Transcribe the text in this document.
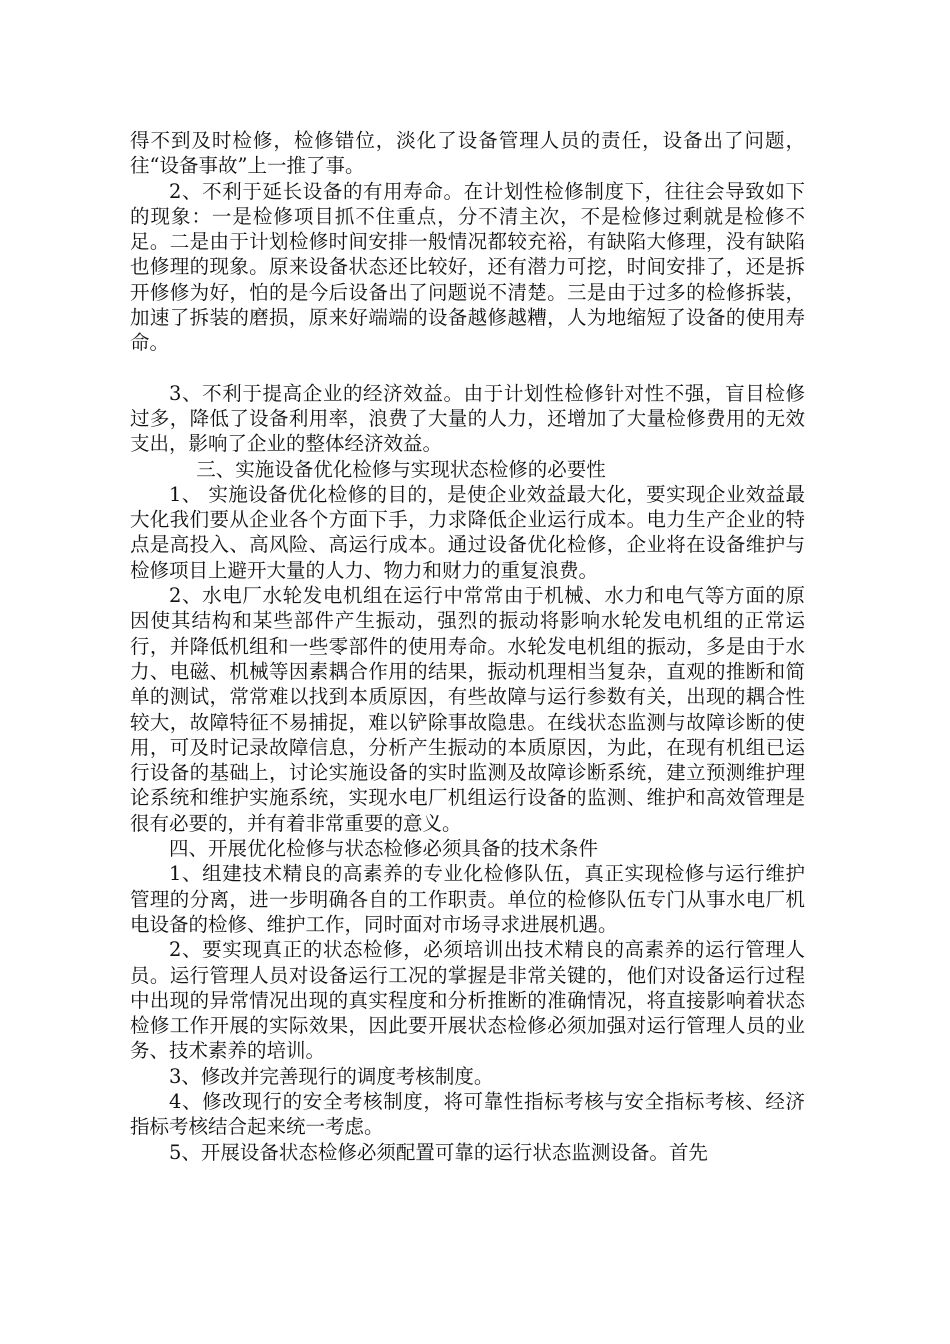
得不到及时检修，检修错位，淡化了设备管理人员的责任，设备出了问题，往“设备事故”上一推了事。

2、不利于延长设备的有用寿命。在计划性检修制度下，往往会导致如下的现象：一是检修项目抓不住重点，分不清主次，不是检修过剩就是检修不足。二是由于计划检修时间安排一般情况都较充裕，有缺陷大修理，没有缺陷也修理的现象。原来设备状态还比较好，还有潜力可挖，时间安排了，还是拆开修修为好，怕的是今后设备出了问题说不清楚。三是由于过多的检修拆装，加速了拆装的磨损，原来好端端的设备越修越糟，人为地缩短了设备的使用寿命。

3、不利于提高企业的经济效益。由于计划性检修针对性不强，盲目检修过多，降低了设备利用率，浪费了大量的人力，还增加了大量检修费用的无效支出，影响了企业的整体经济效益。

三、实施设备优化检修与实现状态检修的必要性

1、 实施设备优化检修的目的，是使企业效益最大化，要实现企业效益最大化我们要从企业各个方面下手，力求降低企业运行成本。电力生产企业的特点是高投入、高风险、高运行成本。通过设备优化检修，企业将在设备维护与检修项目上避开大量的人力、物力和财力的重复浪费。

2、水电厂水轮发电机组在运行中常常由于机械、水力和电气等方面的原因使其结构和某些部件产生振动，强烈的振动将影响水轮发电机组的正常运行，并降低机组和一些零部件的使用寿命。水轮发电机组的振动，多是由于水力、电磁、机械等因素耦合作用的结果，振动机理相当复杂，直观的推断和简单的测试，常常难以找到本质原因，有些故障与运行参数有关，出现的耦合性较大，故障特征不易捕捉，难以铲除事故隐患。在线状态监测与故障诊断的使用，可及时记录故障信息，分析产生振动的本质原因，为此，在现有机组已运行设备的基础上，讨论实施设备的实时监测及故障诊断系统，建立预测维护理论系统和维护实施系统，实现水电厂机组运行设备的监测、维护和高效管理是很有必要的，并有着非常重要的意义。

四、开展优化检修与状态检修必须具备的技术条件

1、组建技术精良的高素养的专业化检修队伍，真正实现检修与运行维护管理的分离，进一步明确各自的工作职责。单位的检修队伍专门从事水电厂机电设备的检修、维护工作，同时面对市场寻求进展机遇。

2、要实现真正的状态检修，必须培训出技术精良的高素养的运行管理人员。运行管理人员对设备运行工况的掌握是非常关键的，他们对设备运行过程中出现的异常情况出现的真实程度和分析推断的准确情况，将直接影响着状态检修工作开展的实际效果，因此要开展状态检修必须加强对运行管理人员的业务、技术素养的培训。

3、修改并完善现行的调度考核制度。

4、修改现行的安全考核制度，将可靠性指标考核与安全指标考核、经济指标考核结合起来统一考虑。

5、开展设备状态检修必须配置可靠的运行状态监测设备。首先
